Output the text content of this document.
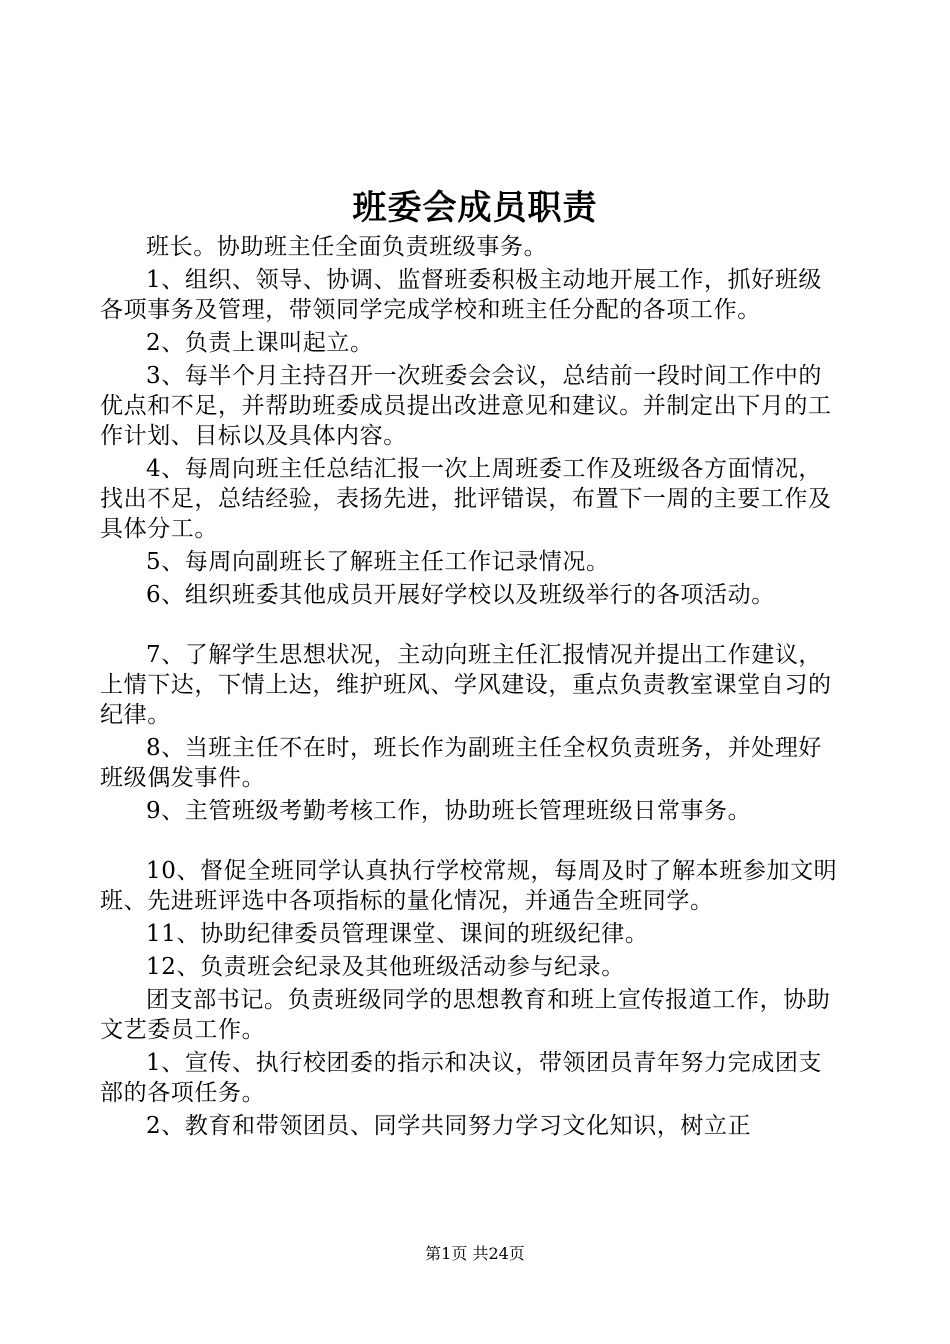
班委会成员职责

班长。协助班主任全面负责班级事务。

1、组织、领导、协调、监督班委积极主动地开展工作，抓好班级各项事务及管理，带领同学完成学校和班主任分配的各项工作。

2、负责上课叫起立。

3、每半个月主持召开一次班委会会议，总结前一段时间工作中的优点和不足，并帮助班委成员提出改进意见和建议。并制定出下月的工作计划、目标以及具体内容。

4、每周向班主任总结汇报一次上周班委工作及班级各方面情况，找出不足，总结经验，表扬先进，批评错误，布置下一周的主要工作及具体分工。

5、每周向副班长了解班主任工作记录情况。

6、组织班委其他成员开展好学校以及班级举行的各项活动。

7、了解学生思想状况，主动向班主任汇报情况并提出工作建议，上情下达，下情上达，维护班风、学风建设，重点负责教室课堂自习的纪律。

8、当班主任不在时，班长作为副班主任全权负责班务，并处理好班级偶发事件。

9、主管班级考勤考核工作，协助班长管理班级日常事务。

10、督促全班同学认真执行学校常规，每周及时了解本班参加文明班、先进班评选中各项指标的量化情况，并通告全班同学。

11、协助纪律委员管理课堂、课间的班级纪律。

12、负责班会纪录及其他班级活动参与纪录。

团支部书记。负责班级同学的思想教育和班上宣传报道工作，协助文艺委员工作。

1、宣传、执行校团委的指示和决议，带领团员青年努力完成团支部的各项任务。

2、教育和带领团员、同学共同努力学习文化知识，树立正

第1页 共24页
